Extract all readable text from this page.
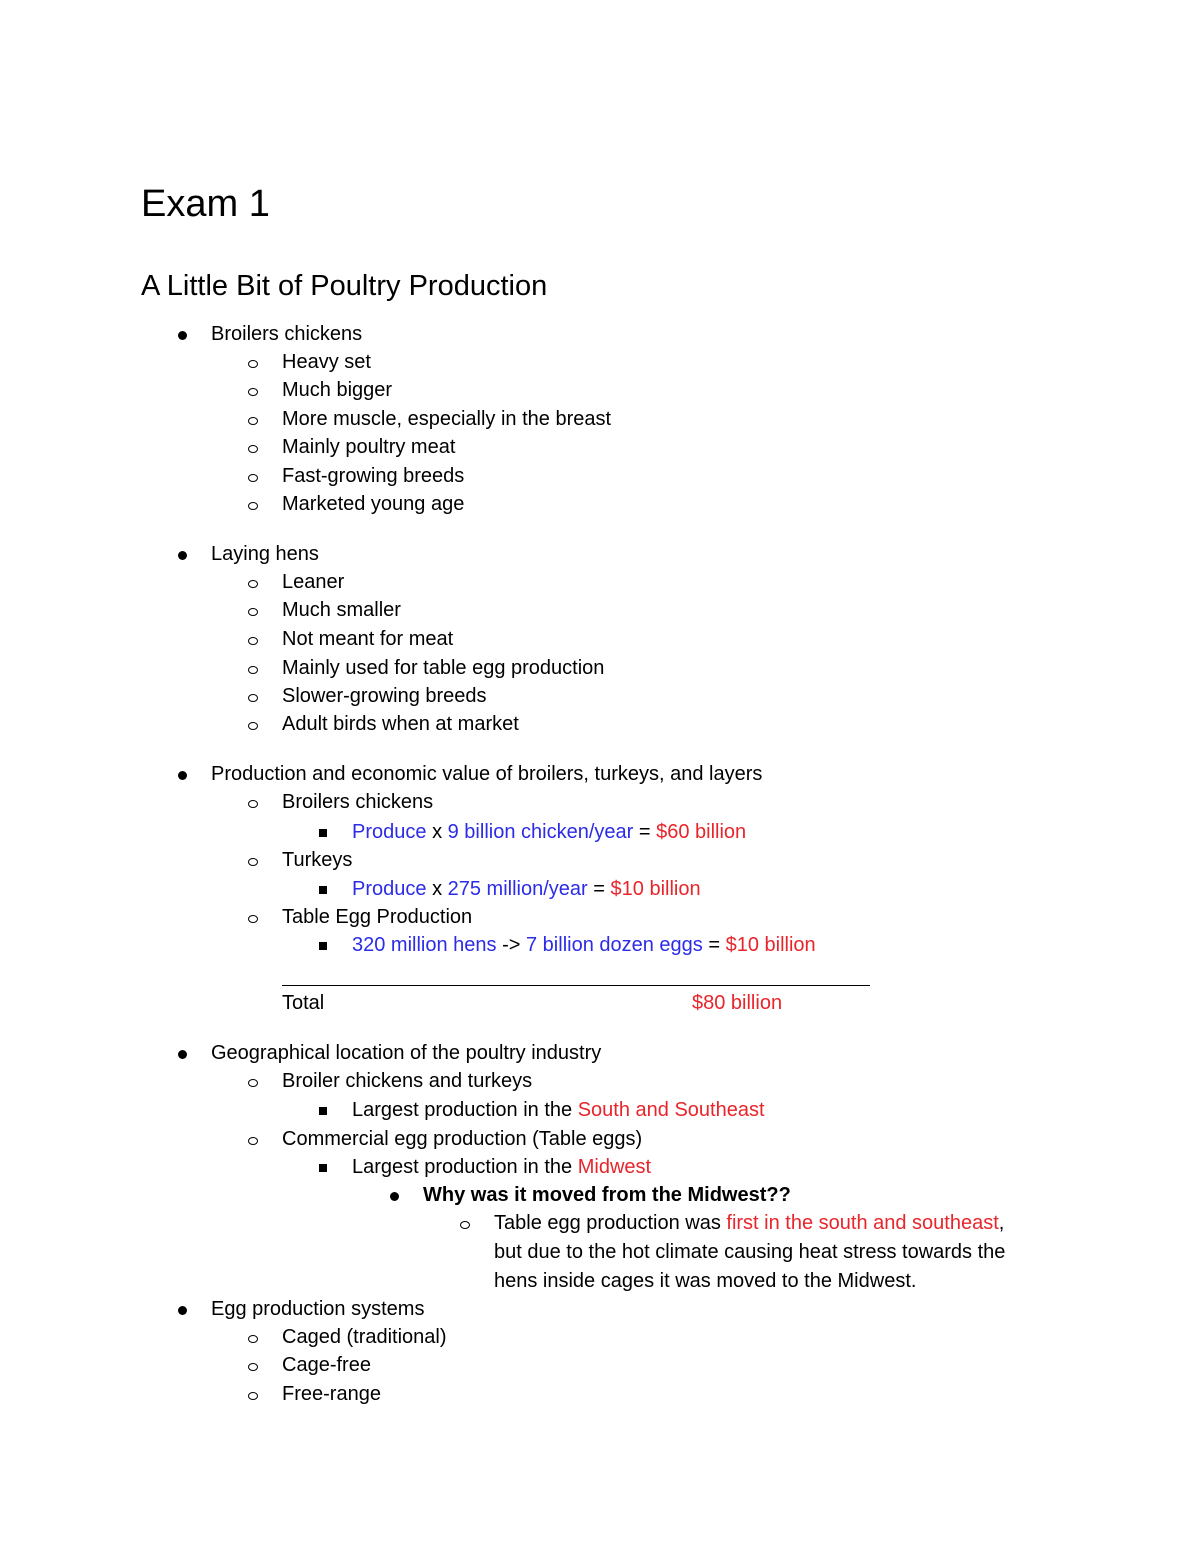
Exam 1
A Little Bit of Poultry Production
Broilers chickens
Heavy set
Much bigger
More muscle, especially in the breast
Mainly poultry meat
Fast-growing breeds
Marketed young age
Laying hens
Leaner
Much smaller
Not meant for meat
Mainly used for table egg production
Slower-growing breeds
Adult birds when at market
Production and economic value of broilers, turkeys, and layers
Broilers chickens
Produce x 9 billion chicken/year = $60 billion
Turkeys
Produce x 275 million/year = $10 billion
Table Egg Production
320 million hens -> 7 billion dozen eggs = $10 billion
Total	$80 billion
Geographical location of the poultry industry
Broiler chickens and turkeys
Largest production in the South and Southeast
Commercial egg production (Table eggs)
Largest production in the Midwest
Why was it moved from the Midwest??
Table egg production was first in the south and southeast,
but due to the hot climate causing heat stress towards the
hens inside cages it was moved to the Midwest.
Egg production systems
Caged (traditional)
Cage-free
Free-range
